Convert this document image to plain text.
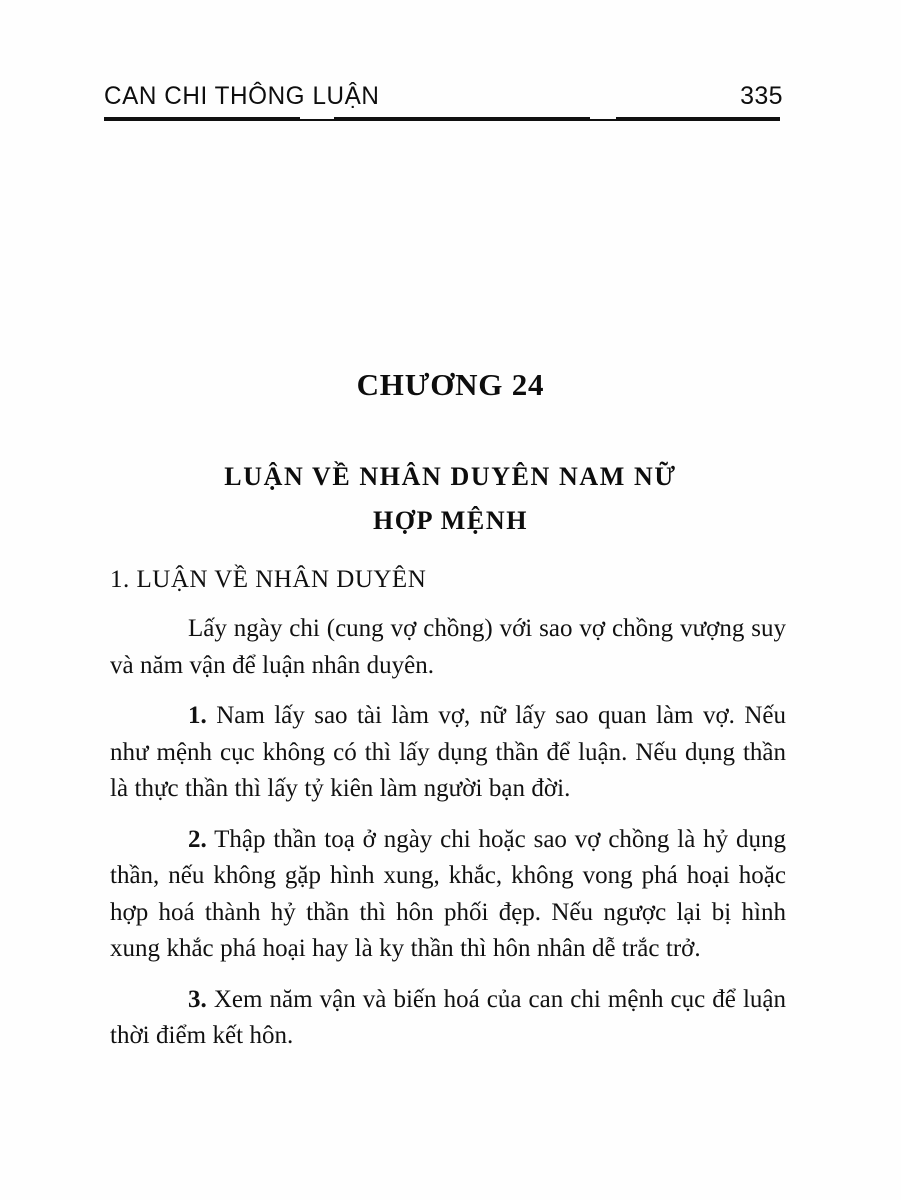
CAN CHI THÔNG LUẬN	335
CHƯƠNG 24
LUẬN VỀ NHÂN DUYÊN NAM NỮ
HỢP MỆNH
1. LUẬN VỀ NHÂN DUYÊN

Lấy ngày chi (cung vợ chồng) với sao vợ chồng vượng suy và năm vận để luận nhân duyên.

1. Nam lấy sao tài làm vợ, nữ lấy sao quan làm vợ. Nếu như mệnh cục không có thì lấy dụng thần để luận. Nếu dụng thần là thực thần thì lấy tỷ kiên làm người bạn đời.

2. Thập thần toạ ở ngày chi hoặc sao vợ chồng là hỷ dụng thần, nếu không gặp hình xung, khắc, không vong phá hoại hoặc hợp hoá thành hỷ thần thì hôn phối đẹp. Nếu ngược lại bị hình xung khắc phá hoại hay là ky thần thì hôn nhân dễ trắc trở.

3. Xem năm vận và biến hoá của can chi mệnh cục để luận thời điểm kết hôn.
